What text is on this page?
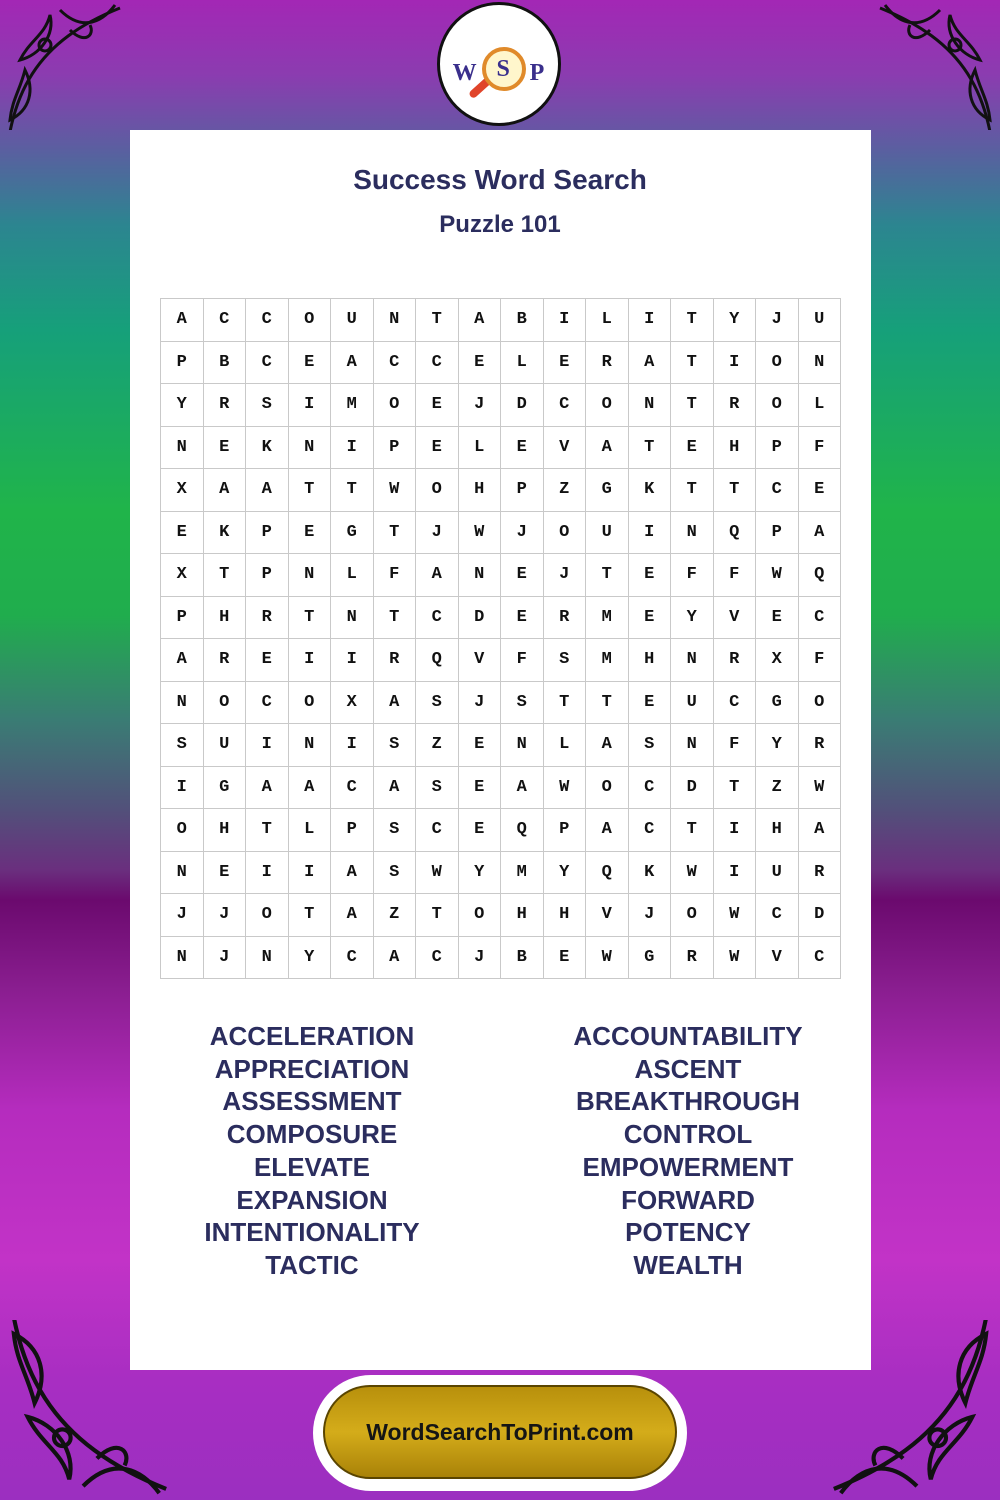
W S P
Success Word Search
Puzzle 101
A	C	C	O	U	N	T	A	B	I	L	I	T	Y	J	U
P	B	C	E	A	C	C	E	L	E	R	A	T	I	O	N
Y	R	S	I	M	O	E	J	D	C	O	N	T	R	O	L
N	E	K	N	I	P	E	L	E	V	A	T	E	H	P	F
X	A	A	T	T	W	O	H	P	Z	G	K	T	T	C	E
E	K	P	E	G	T	J	W	J	O	U	I	N	Q	P	A
X	T	P	N	L	F	A	N	E	J	T	E	F	F	W	Q
P	H	R	T	N	T	C	D	E	R	M	E	Y	V	E	C
A	R	E	I	I	R	Q	V	F	S	M	H	N	R	X	F
N	O	C	O	X	A	S	J	S	T	T	E	U	C	G	O
S	U	I	N	I	S	Z	E	N	L	A	S	N	F	Y	R
I	G	A	A	C	A	S	E	A	W	O	C	D	T	Z	W
O	H	T	L	P	S	C	E	Q	P	A	C	T	I	H	A
N	E	I	I	A	S	W	Y	M	Y	Q	K	W	I	U	R
J	J	O	T	A	Z	T	O	H	H	V	J	O	W	C	D
N	J	N	Y	C	A	C	J	B	E	W	G	R	W	V	C
ACCELERATION
APPRECIATION
ASSESSMENT
COMPOSURE
ELEVATE
EXPANSION
INTENTIONALITY
TACTIC
ACCOUNTABILITY
ASCENT
BREAKTHROUGH
CONTROL
EMPOWERMENT
FORWARD
POTENCY
WEALTH
WordSearchToPrint.com
